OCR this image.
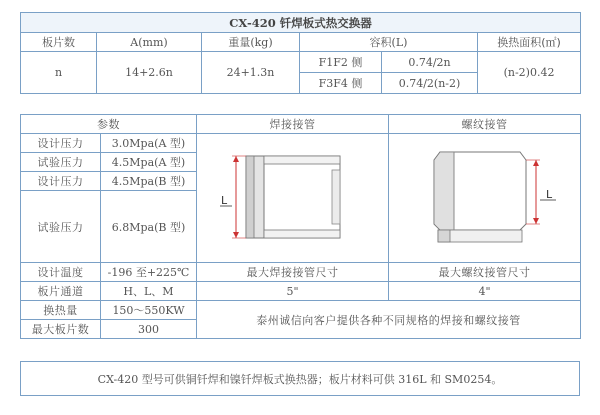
CX-420 钎焊板式热交换器					
板片数	A(mm)	重量(kg)	容积(L)		换热面积(㎡)
n	14+2.6n	24+1.3n	F1F2 侧	0.74/2n	(n-2)0.42
			F3F4 侧	0.74/2(n-2)	
参数		焊接接管	螺纹接管
设计压力	3.0Mpa(A 型)	L	L

试验压力	4.5Mpa(A 型)		
设计压力	4.5Mpa(B 型)		
试验压力	6.8Mpa(B 型)		
设计温度	-196 至+225℃	最大焊接接管尺寸	最大螺纹接管尺寸
板片通道	H、L、M	5"	4"
换热量	150～550KW	泰州诚信向客户提供各种不同规格的焊接和螺纹接管	
最大板片数	300		
CX-420 型号可供铜钎焊和镍钎焊板式换热器；板片材料可供 316L 和 SM0254。
